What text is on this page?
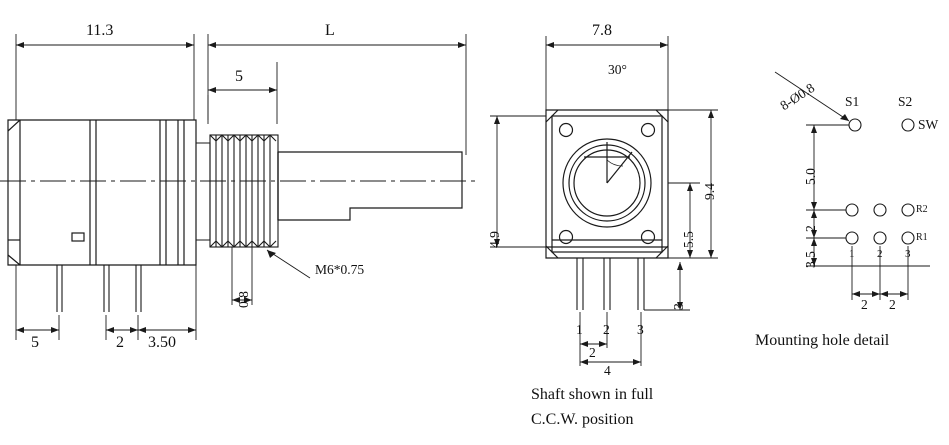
11.3	L
5
M6*0.75
0.8
5	2 3.50
7.8
30°
4.9
9.4
5.5
3
1 2 3
2
4
Shaft shown in full
C.C.W. position
8-Ø0.8 S1	S2
SW
5.0
2
3.5
R2
R1
1 2 3
2 2
Mounting hole detail
